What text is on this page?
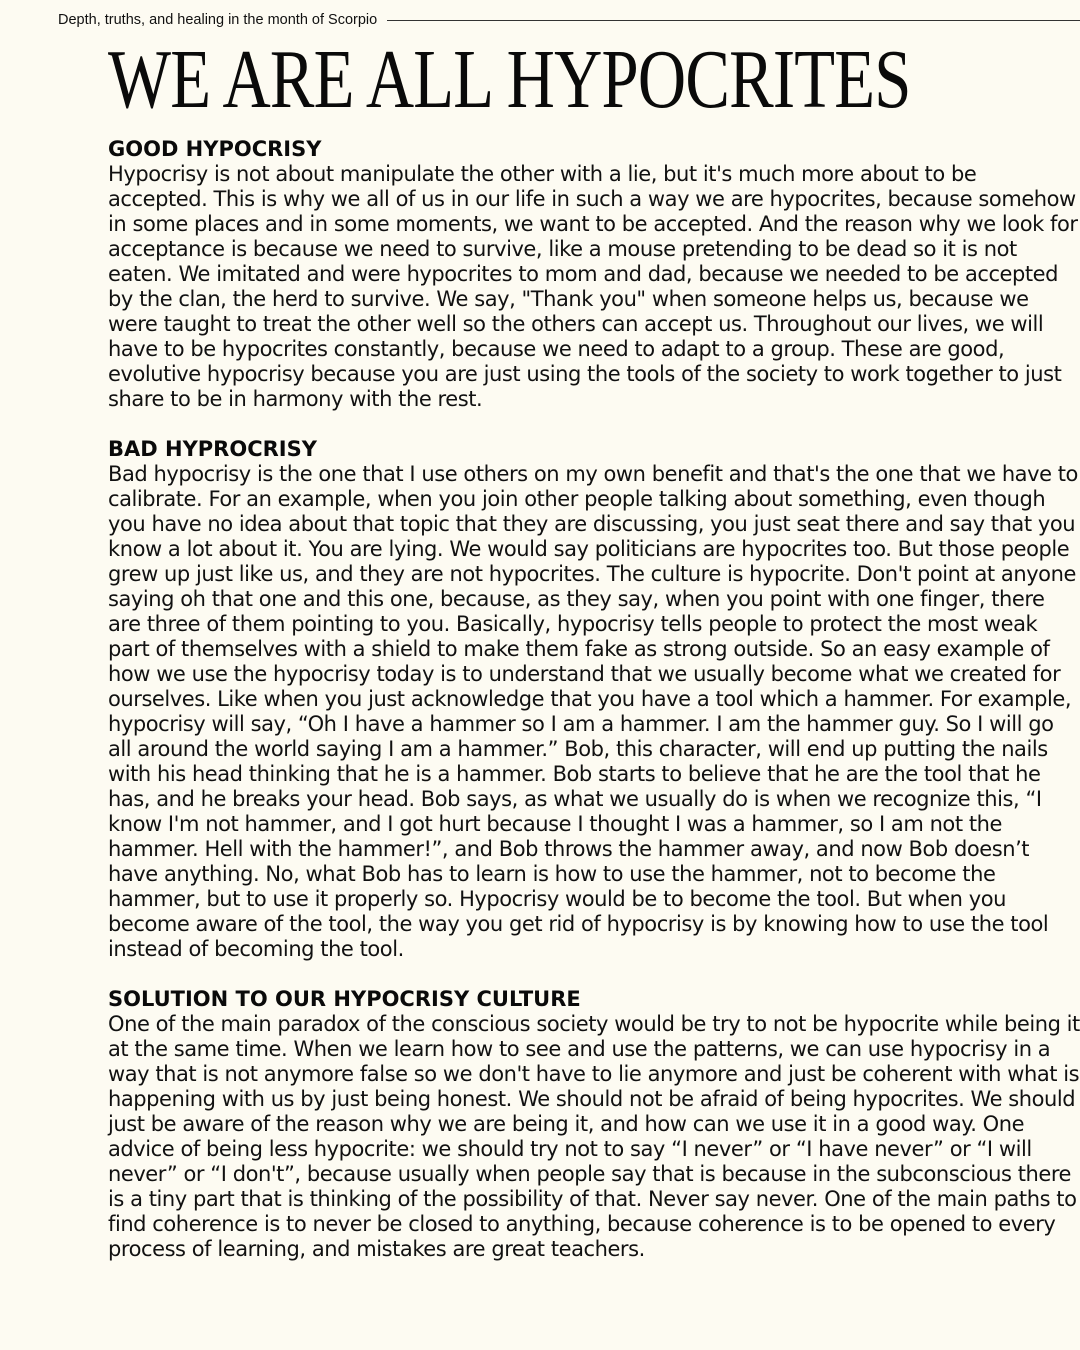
Depth, truths, and healing in the month of Scorpio
WE ARE ALL HYPOCRITES
GOOD HYPOCRISY

Hypocrisy is not about manipulate the other with a lie, but it's much more about to be accepted. This is why we all of us in our life in such a way we are hypocrites, because somehow in some places and in some moments, we want to be accepted. And the reason why we look for acceptance is because we need to survive, like a mouse pretending to be dead so it is not eaten. We imitated and were hypocrites to mom and dad, because we needed to be accepted by the clan, the herd to survive. We say, "Thank you" when someone helps us, because we were taught to treat the other well so the others can accept us. Throughout our lives, we will have to be hypocrites constantly, because we need to adapt to a group. These are good, evolutive hypocrisy because you are just using the tools of the society to work together to just share to be in harmony with the rest.

BAD HYPROCRISY

Bad hypocrisy is the one that I use others on my own benefit and that's the one that we have to calibrate. For an example, when you join other people talking about something, even though you have no idea about that topic that they are discussing, you just seat there and say that you know a lot about it. You are lying. We would say politicians are hypocrites too. But those people grew up just like us, and they are not hypocrites. The culture is hypocrite. Don't point at anyone saying oh that one and this one, because, as they say, when you point with one finger, there are three of them pointing to you. Basically, hypocrisy tells people to protect the most weak part of themselves with a shield to make them fake as strong outside. So an easy example of how we use the hypocrisy today is to understand that we usually become what we created for ourselves. Like when you just acknowledge that you have a tool which a hammer. For example, hypocrisy will say, “Oh I have a hammer so I am a hammer. I am the hammer guy. So I will go all around the world saying I am a hammer.” Bob, this character, will end up putting the nails with his head thinking that he is a hammer. Bob starts to believe that he are the tool that he has, and he breaks your head. Bob says, as what we usually do is when we recognize this, “I know I'm not hammer, and I got hurt because I thought I was a hammer, so I am not the hammer. Hell with the hammer!”, and Bob throws the hammer away, and now Bob doesn’t have anything. No, what Bob has to learn is how to use the hammer, not to become the hammer, but to use it properly so. Hypocrisy would be to become the tool. But when you become aware of the tool, the way you get rid of hypocrisy is by knowing how to use the tool instead of becoming the tool.

SOLUTION TO OUR HYPOCRISY CULTURE

One of the main paradox of the conscious society would be try to not be hypocrite while being it at the same time. When we learn how to see and use the patterns, we can use hypocrisy in a way that is not anymore false so we don't have to lie anymore and just be coherent with what is happening with us by just being honest. We should not be afraid of being hypocrites. We should just be aware of the reason why we are being it, and how can we use it in a good way. One advice of being less hypocrite: we should try not to say “I never” or “I have never” or “I will never” or “I don't”, because usually when people say that is because in the subconscious there is a tiny part that is thinking of the possibility of that. Never say never. One of the main paths to find coherence is to never be closed to anything, because coherence is to be opened to every process of learning, and mistakes are great teachers.
